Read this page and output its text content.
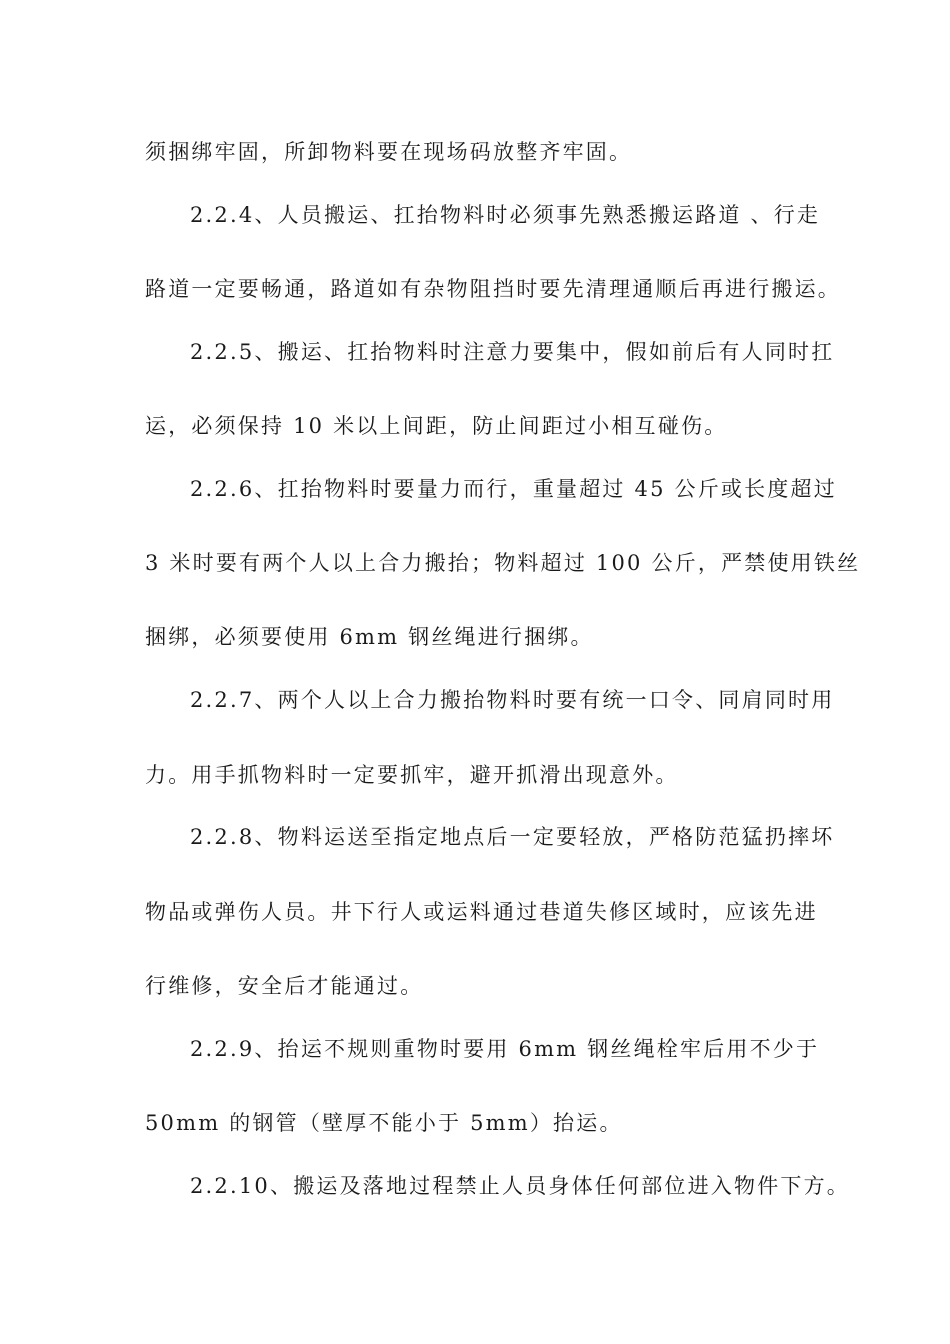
须捆绑牢固，所卸物料要在现场码放整齐牢固。
2.2.4、人员搬运、扛抬物料时必须事先熟悉搬运路道 、行走
路道一定要畅通，路道如有杂物阻挡时要先清理通顺后再进行搬运。
2.2.5、搬运、扛抬物料时注意力要集中，假如前后有人同时扛
运，必须保持 10 米以上间距，防止间距过小相互碰伤。
2.2.6、扛抬物料时要量力而行，重量超过 45 公斤或长度超过
3 米时要有两个人以上合力搬抬；物料超过 100 公斤，严禁使用铁丝
捆绑，必须要使用 6mm 钢丝绳进行捆绑。
2.2.7、两个人以上合力搬抬物料时要有统一口令、同肩同时用
力。用手抓物料时一定要抓牢，避开抓滑出现意外。
2.2.8、物料运送至指定地点后一定要轻放，严格防范猛扔摔坏
物品或弹伤人员。井下行人或运料通过巷道失修区域时，应该先进
行维修，安全后才能通过。
2.2.9、抬运不规则重物时要用 6mm 钢丝绳栓牢后用不少于
50mm 的钢管（壁厚不能小于 5mm）抬运。
2.2.10、搬运及落地过程禁止人员身体任何部位进入物件下方。
